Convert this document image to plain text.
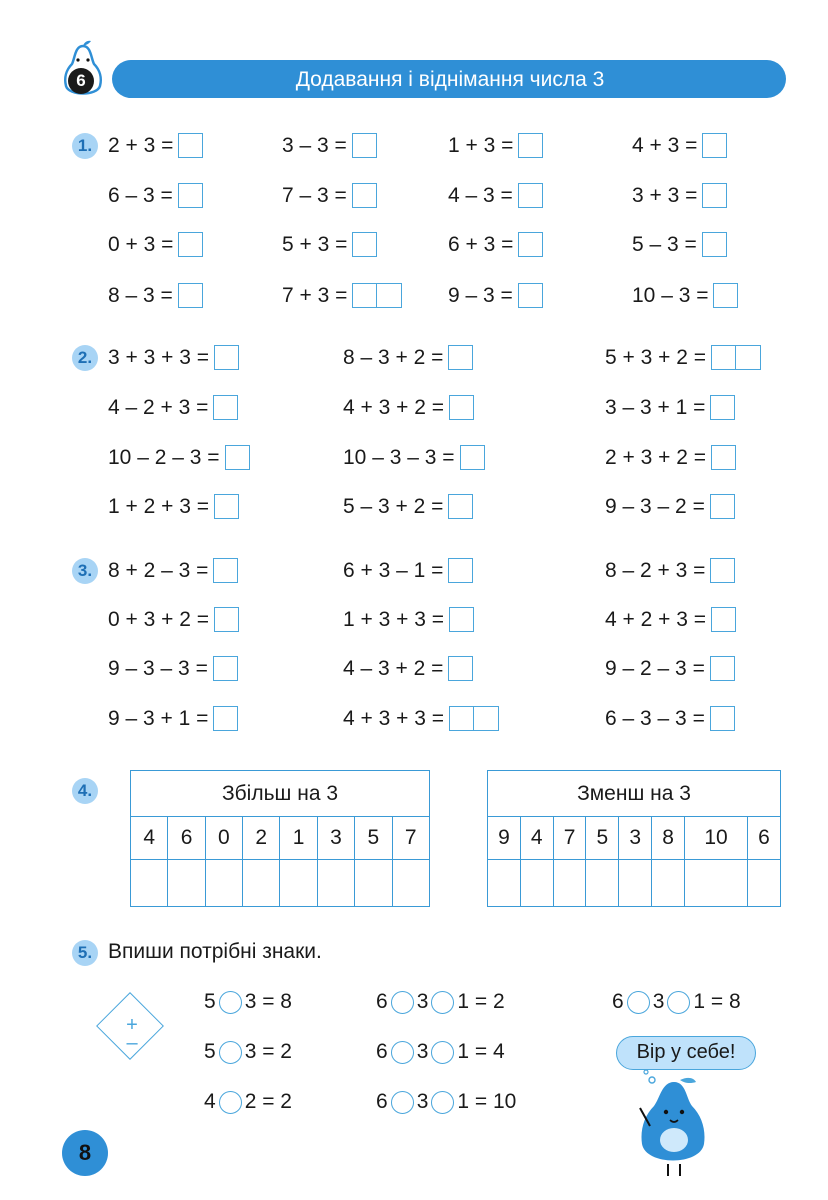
Додавання і віднімання числа 3
6
1. 2 + 3 =	3 – 3 =	1 + 3 =	4 + 3 =
6 – 3 =	7 – 3 =	4 – 3 =	3 + 3 =
0 + 3 =	5 + 3 =	6 + 3 =	5 – 3 =
8 – 3 =	7 + 3 =	9 – 3 =	10 – 3 =
2. 3 + 3 + 3 =	8 – 3 + 2 =	5 + 3 + 2 =
4 – 2 + 3 =	4 + 3 + 2 =	3 – 3 + 1 =
10 – 2 – 3 =	10 – 3 – 3 =	2 + 3 + 2 =
1 + 2 + 3 =	5 – 3 + 2 =	9 – 3 – 2 =
3. 8 + 2 – 3 =	6 + 3 – 1 =	8 – 2 + 3 =
0 + 3 + 2 =	1 + 3 + 3 =	4 + 2 + 3 =
9 – 3 – 3 =	4 – 3 + 2 =	9 – 2 – 3 =
9 – 3 + 1 =	4 + 3 + 3 =	6 – 3 – 3 =
4.	Збільш на 3							
4	6	0	2	1	3	5	7

Зменш на 3							
9	4	7	5	3	8	10	6

5. Впиши потрібні знаки.
+
–
5 3 = 8
5 3 = 2
4 2 = 2
6 3 1 = 2
6 3 1 = 4
6 3 1 = 10
6 3 1 = 8
Вір у себе!
8
